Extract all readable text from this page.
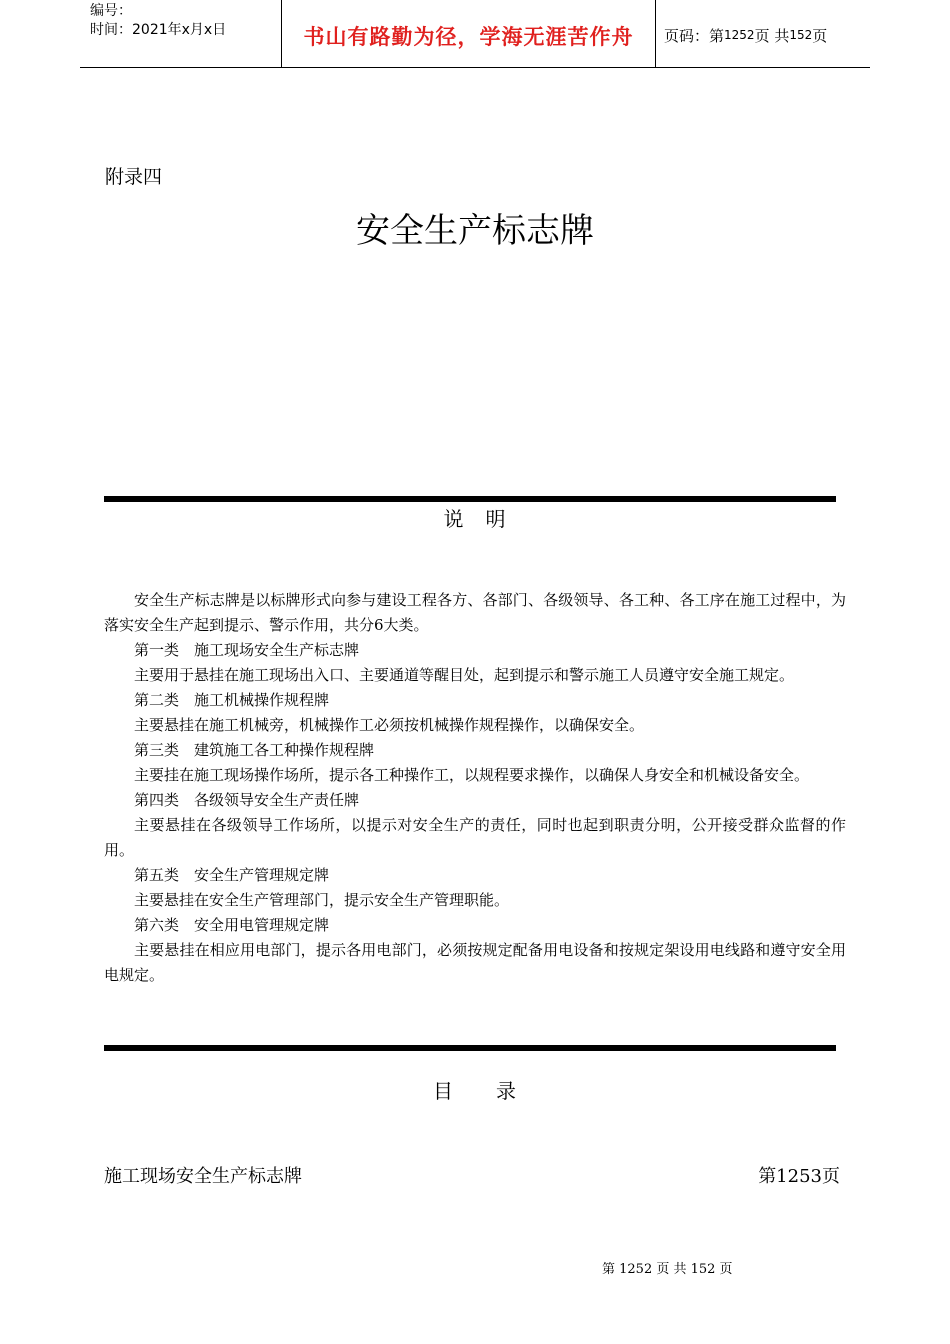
编号：
时间：2021年x月x日	书山有路勤为径，学海无涯苦作舟	页码：第 1252 页 共 152 页
附录四
安全生产标志牌
说　明

安全生产标志牌是以标牌形式向参与建设工程各方、各部门、各级领导、各工种、各工序在施工过程中，为落实安全生产起到提示、警示作用，共分6大类。

第一类　施工现场安全生产标志牌

主要用于悬挂在施工现场出入口、主要通道等醒目处，起到提示和警示施工人员遵守安全施工规定。

第二类　施工机械操作规程牌

主要悬挂在施工机械旁，机械操作工必须按机械操作规程操作，以确保安全。

第三类　建筑施工各工种操作规程牌

主要挂在施工现场操作场所，提示各工种操作工，以规程要求操作，以确保人身安全和机械设备安全。

第四类　各级领导安全生产责任牌

主要悬挂在各级领导工作场所，以提示对安全生产的责任，同时也起到职责分明，公开接受群众监督的作用。

第五类　安全生产管理规定牌

主要悬挂在安全生产管理部门，提示安全生产管理职能。

第六类　安全用电管理规定牌

主要悬挂在相应用电部门，提示各用电部门，必须按规定配备用电设备和按规定架设用电线路和遵守安全用电规定。

目　　录
施工现场安全生产标志牌	第1253页
第 1252 页 共 152 页
